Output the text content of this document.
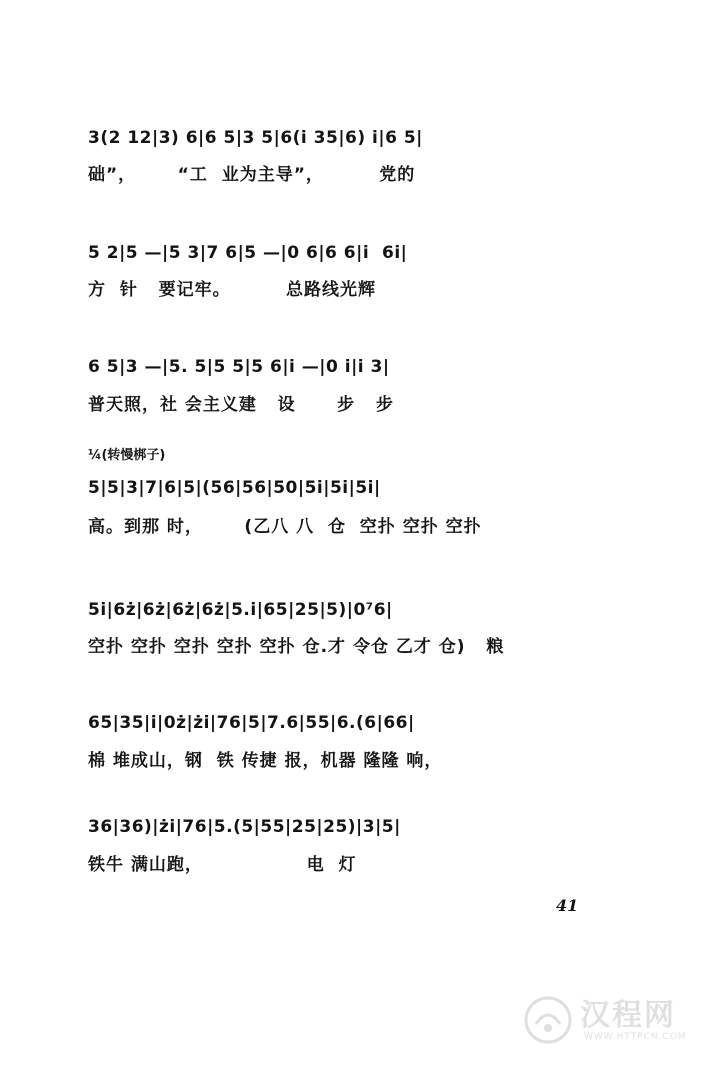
3(2 12|3) 6|6 5|3 5|6(i 35|6) i|6 5|
础”，      “工  业为主导”，        党的
5 2|5 —|5 3|7 6|5 —|0 6|6 6|i  6i|
方  针   要记牢。        总路线光辉
6 5|3 —|5. 5|5 5|5 6|i —|0 i|i 3|
普天照，社 会主义建   设      步   步
¼(转慢梆子)
5|5|3|7|6|5|(56|56|50|5i|5i|5i|
高。到那 时，      (乙八 八  仓  空扑 空扑 空扑
5i|6ż|6ż|6ż|6ż|5.i|65|25|5)|0⁷6|
空扑 空扑 空扑 空扑 空扑 仓.才 令仓 乙才 仓)   粮
65|35|i|0ż|żi|76|5|7.6|55|6.(6|66|
棉 堆成山，钢  铁 传捷 报，机器 隆隆 响，
36|36)|żi|76|5.(5|55|25|25)|3|5|
铁牛 满山跑，               电  灯
41
汉程网
WWW.HTTPCN.COM
